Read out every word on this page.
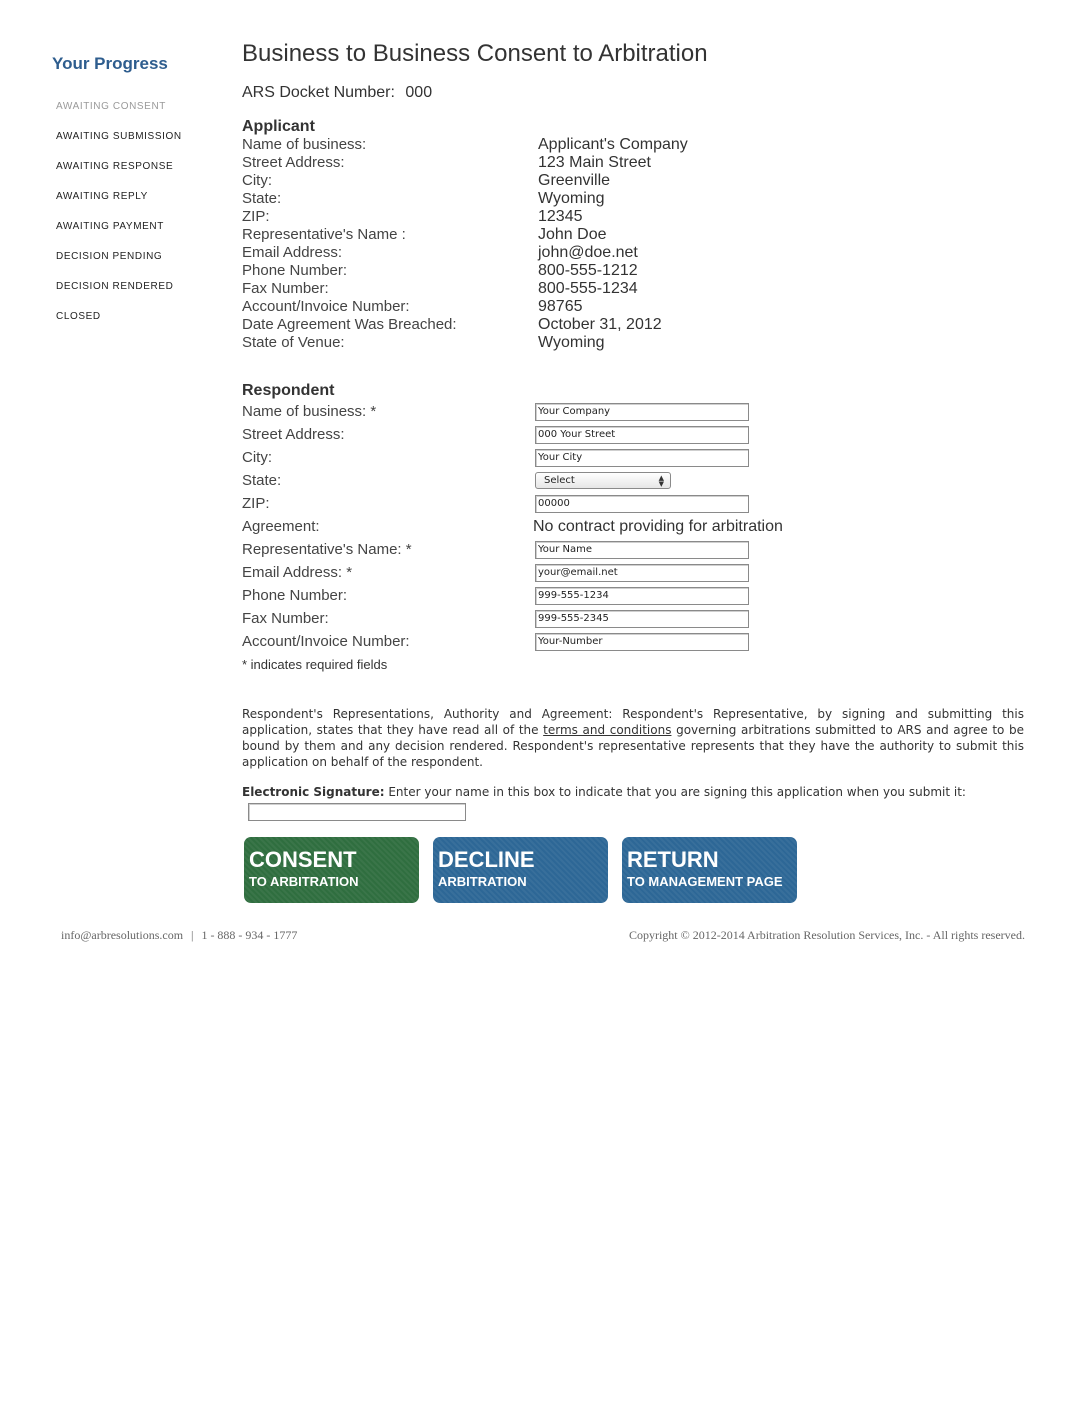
Your Progress
AWAITING CONSENT
AWAITING SUBMISSION
AWAITING RESPONSE
AWAITING REPLY
AWAITING PAYMENT
DECISION PENDING
DECISION RENDERED
CLOSED
Business to Business Consent to Arbitration
ARS Docket Number: 000
Applicant
Name of business:	Applicant's Company
Street Address:	123 Main Street
City:	Greenville
State:	Wyoming
ZIP:	12345
Representative's Name :	John Doe
Email Address:	john@doe.net
Phone Number:	800-555-1212
Fax Number:	800-555-1234
Account/Invoice Number:	98765
Date Agreement Was Breached:	October 31, 2012
State of Venue:	Wyoming
Respondent
Name of business: *
Your Company
Street Address:
000 Your Street
City:
Your City
State:	Select	▲
▼
ZIP:
00000
Agreement:	No contract providing for arbitration
Representative's Name: *
Your Name
Email Address: *
your@email.net
Phone Number:
999-555-1234
Fax Number:
999-555-2345
Account/Invoice Number:
Your-Number
* indicates required fields
Respondent's Representations, Authority and Agreement: Respondent's Representative, by signing and submitting this application, states that they have read all of the terms and conditions governing arbitrations submitted to ARS and agree to be bound by them and any decision rendered. Respondent's representative represents that they have the authority to submit this application on behalf of the respondent.
Electronic Signature: Enter your name in this box to indicate that you are signing this application when you submit it:
CONSENT
TO ARBITRATION
DECLINE
ARBITRATION
RETURN
TO MANAGEMENT PAGE
info@arbresolutions.com | 1 - 888 - 934 - 1777	Copyright © 2012-2014 Arbitration Resolution Services, Inc. - All rights reserved.
